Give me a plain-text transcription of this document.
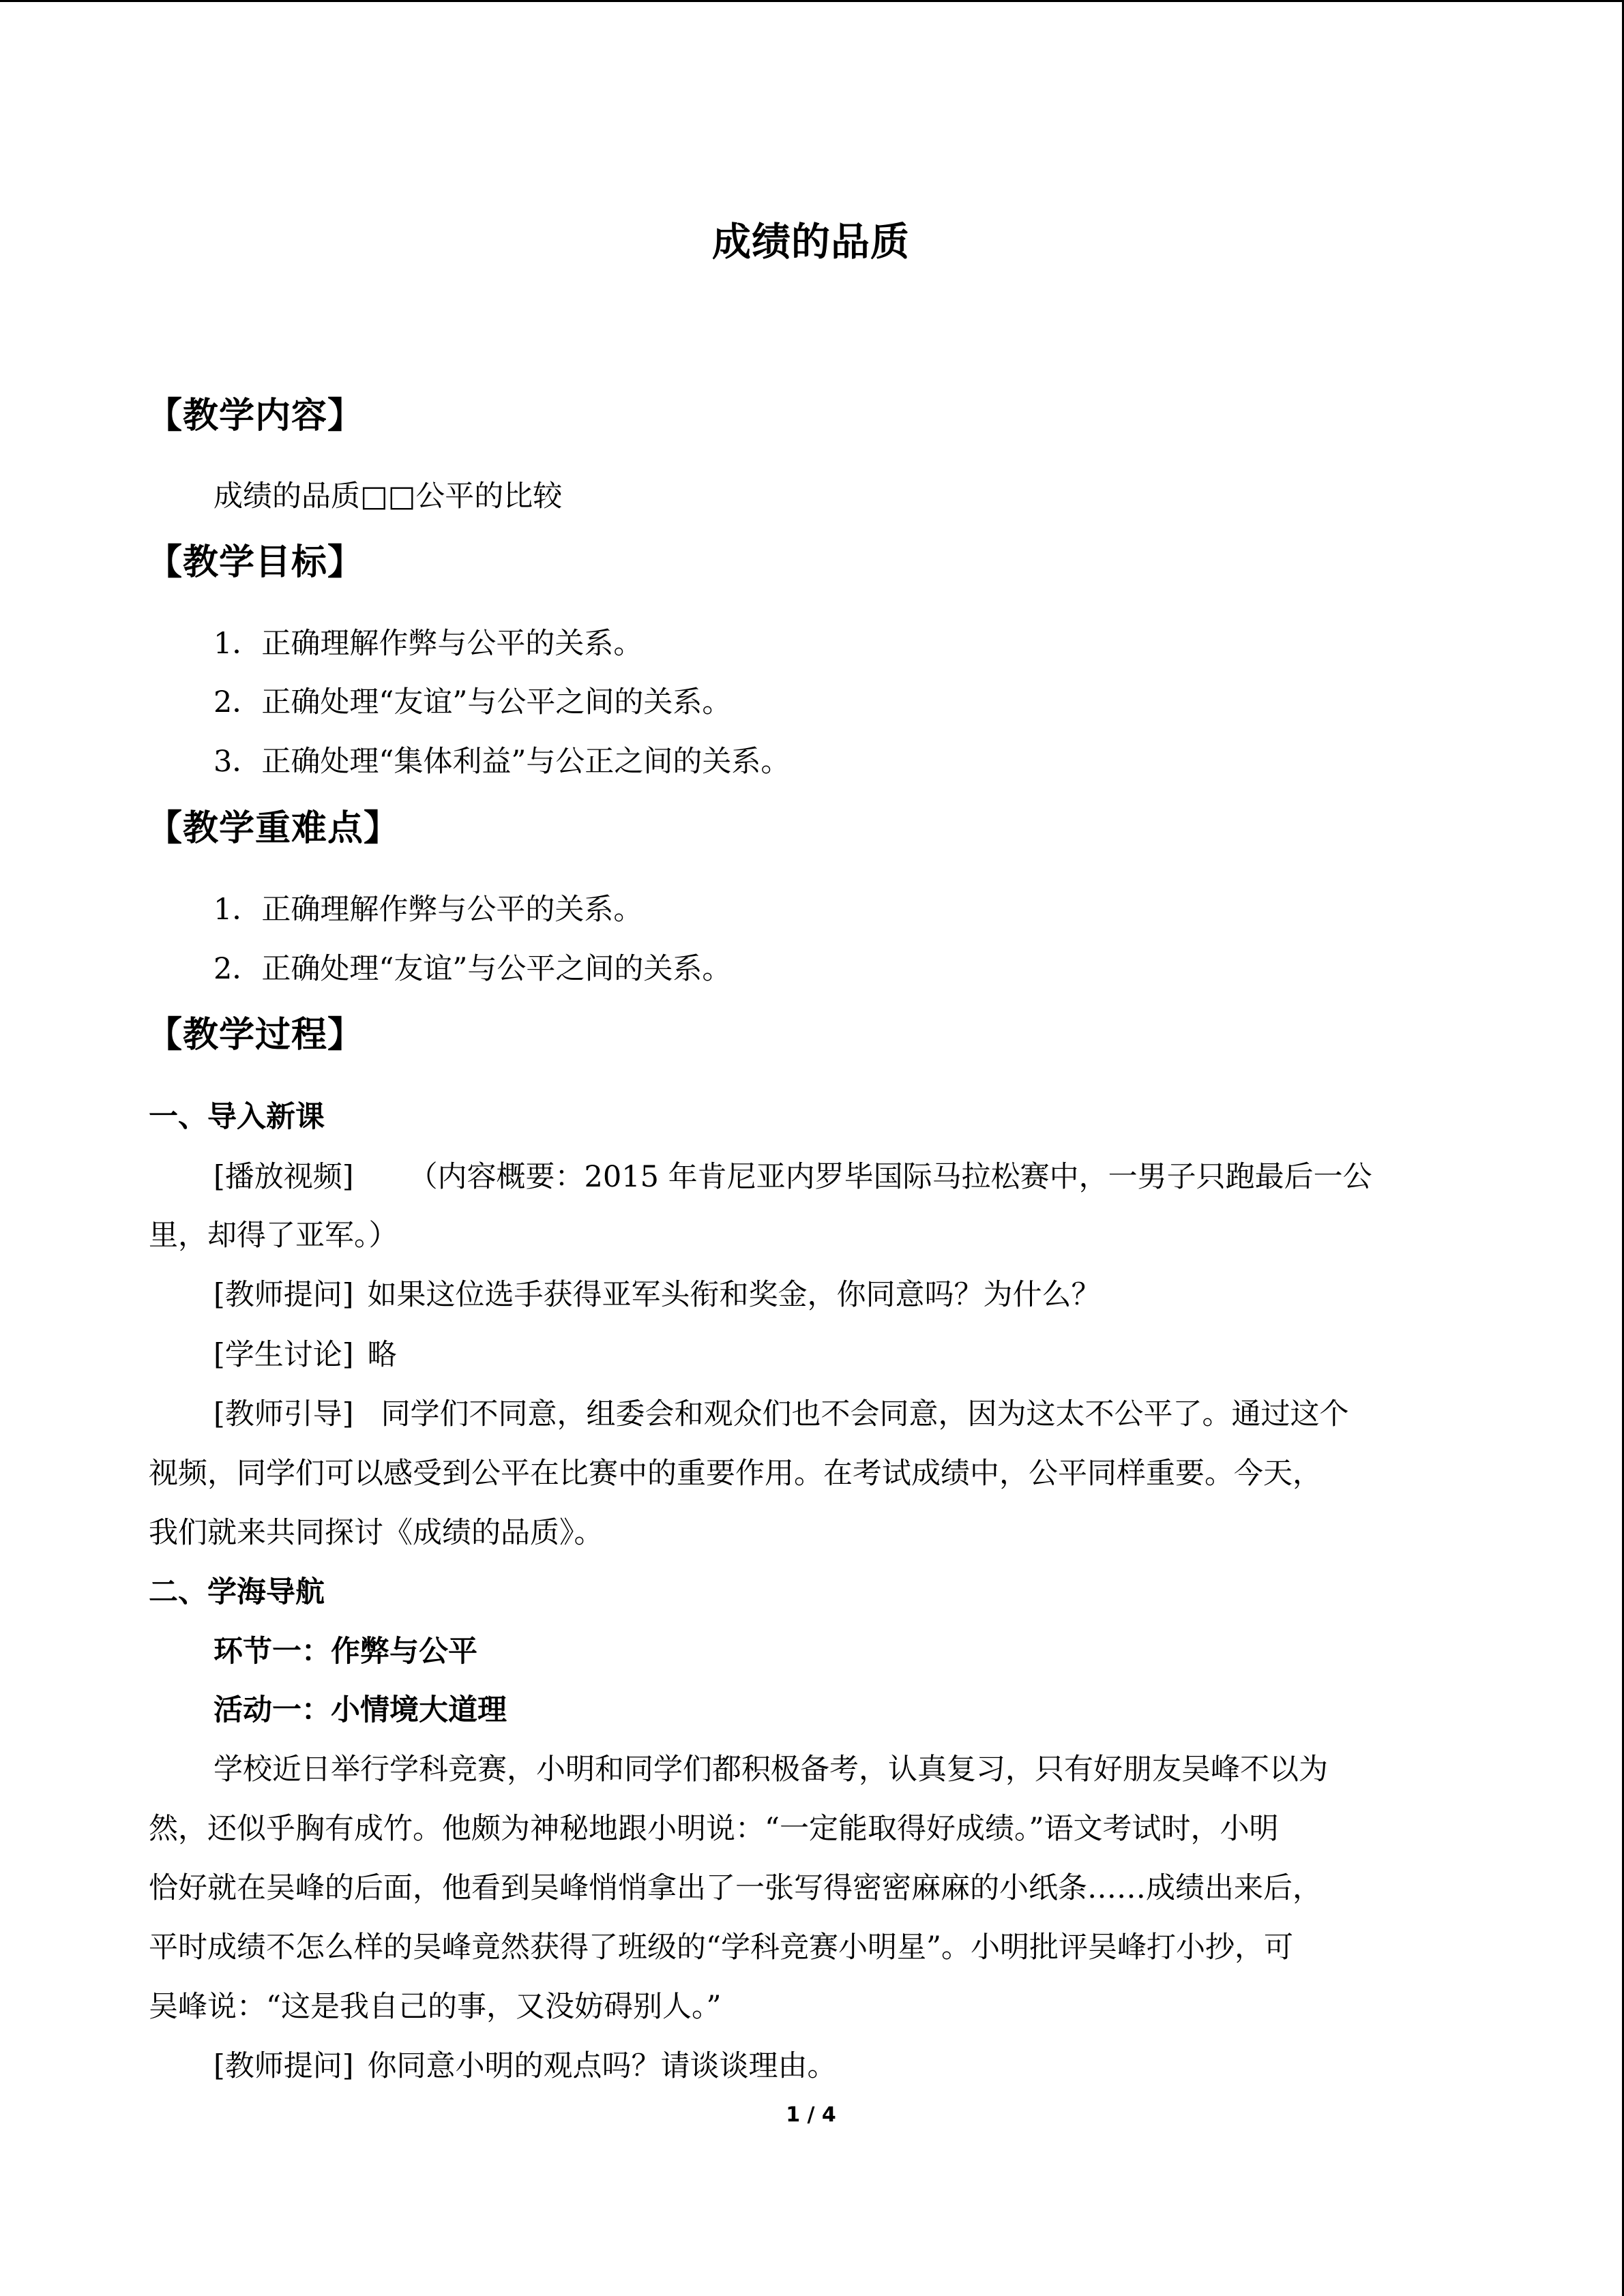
成绩的品质
【教学内容】
成绩的品质□□公平的比较
【教学目标】
1．正确理解作弊与公平的关系。
2．正确处理“友谊”与公平之间的关系。
3．正确处理“集体利益”与公正之间的关系。
【教学重难点】
1．正确理解作弊与公平的关系。
2．正确处理“友谊”与公平之间的关系。
【教学过程】
一、导入新课
[播放视频] （内容概要：2015 年肯尼亚内罗毕国际马拉松赛中，一男子只跑最后一公
里，却得了亚军。）
[教师提问] 如果这位选手获得亚军头衔和奖金，你同意吗？为什么？
[学生讨论] 略
[教师引导] 同学们不同意，组委会和观众们也不会同意，因为这太不公平了。通过这个
视频，同学们可以感受到公平在比赛中的重要作用。在考试成绩中，公平同样重要。今天，
我们就来共同探讨《成绩的品质》。
二、学海导航
环节一：作弊与公平
活动一：小情境大道理
学校近日举行学科竞赛，小明和同学们都积极备考，认真复习，只有好朋友吴峰不以为
然，还似乎胸有成竹。他颇为神秘地跟小明说：“一定能取得好成绩。”语文考试时，小明
恰好就在吴峰的后面，他看到吴峰悄悄拿出了一张写得密密麻麻的小纸条……成绩出来后，
平时成绩不怎么样的吴峰竟然获得了班级的“学科竞赛小明星”。小明批评吴峰打小抄，可
吴峰说：“这是我自己的事，又没妨碍别人。”
[教师提问] 你同意小明的观点吗？请谈谈理由。
1 / 4
